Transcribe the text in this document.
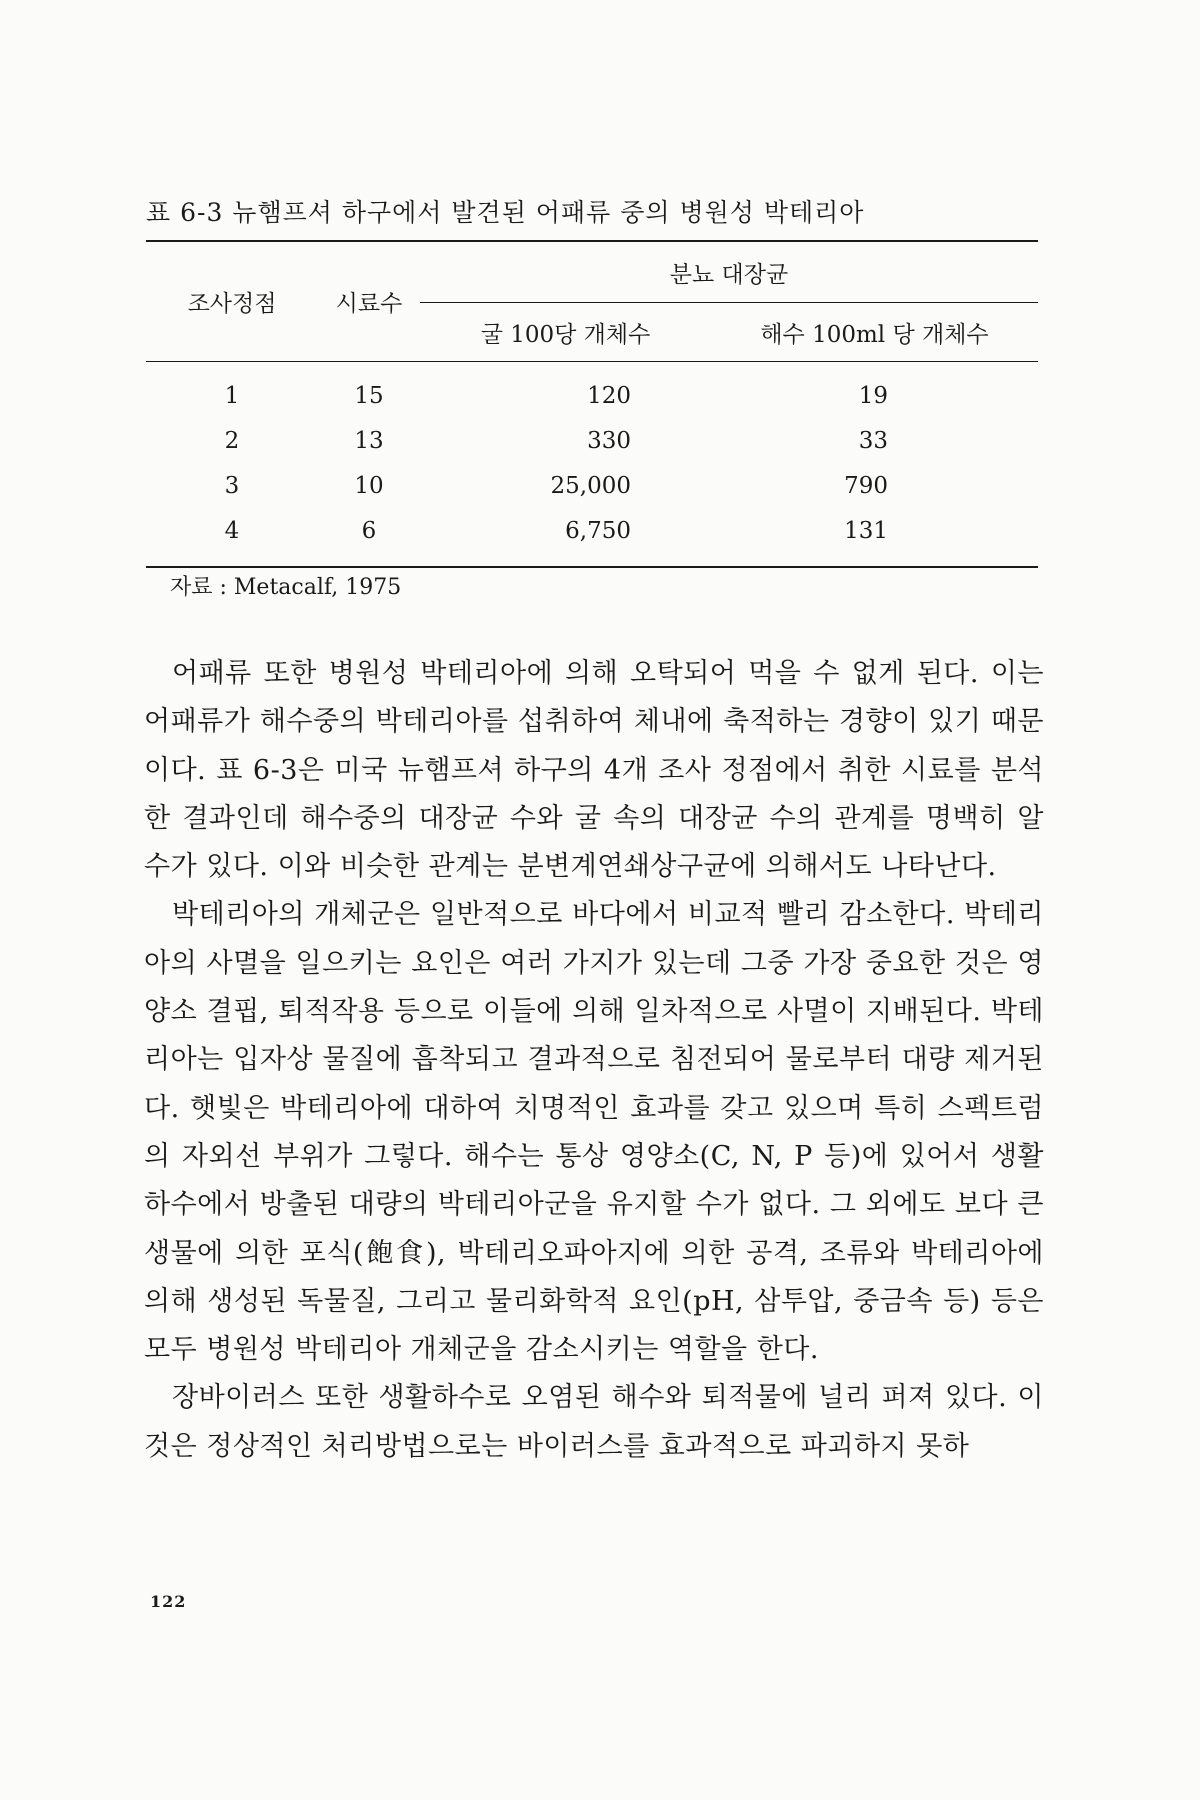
표 6-3 뉴햄프셔 하구에서 발견된 어패류 중의 병원성 박테리아
조사정점	시료수	분뇨 대장균	
		굴 100당 개체수	해수 100ml 당 개체수

1	15	120	19
2	13	330	33
3	10	25,000	790
4	6	6,750	131
자료 : Metacalf, 1975

어패류 또한 병원성 박테리아에 의해 오탁되어 먹을 수 없게 된다. 이는 어패류가 해수중의 박테리아를 섭취하여 체내에 축적하는 경향이 있기 때문이다. 표 6-3은 미국 뉴햄프셔 하구의 4개 조사 정점에서 취한 시료를 분석한 결과인데 해수중의 대장균 수와 굴 속의 대장균 수의 관계를 명백히 알 수가 있다. 이와 비슷한 관계는 분변계연쇄상구균에 의해서도 나타난다.

박테리아의 개체군은 일반적으로 바다에서 비교적 빨리 감소한다. 박테리아의 사멸을 일으키는 요인은 여러 가지가 있는데 그중 가장 중요한 것은 영양소 결핍, 퇴적작용 등으로 이들에 의해 일차적으로 사멸이 지배된다. 박테리아는 입자상 물질에 흡착되고 결과적으로 침전되어 물로부터 대량 제거된다. 햇빛은 박테리아에 대하여 치명적인 효과를 갖고 있으며 특히 스펙트럼의 자외선 부위가 그렇다. 해수는 통상 영양소(C, N, P 등)에 있어서 생활하수에서 방출된 대량의 박테리아군을 유지할 수가 없다. 그 외에도 보다 큰 생물에 의한 포식(飽食), 박테리오파아지에 의한 공격, 조류와 박테리아에 의해 생성된 독물질, 그리고 물리화학적 요인(pH, 삼투압, 중금속 등) 등은 모두 병원성 박테리아 개체군을 감소시키는 역할을 한다.

장바이러스 또한 생활하수로 오염된 해수와 퇴적물에 널리 퍼져 있다. 이것은 정상적인 처리방법으로는 바이러스를 효과적으로 파괴하지 못하

122
